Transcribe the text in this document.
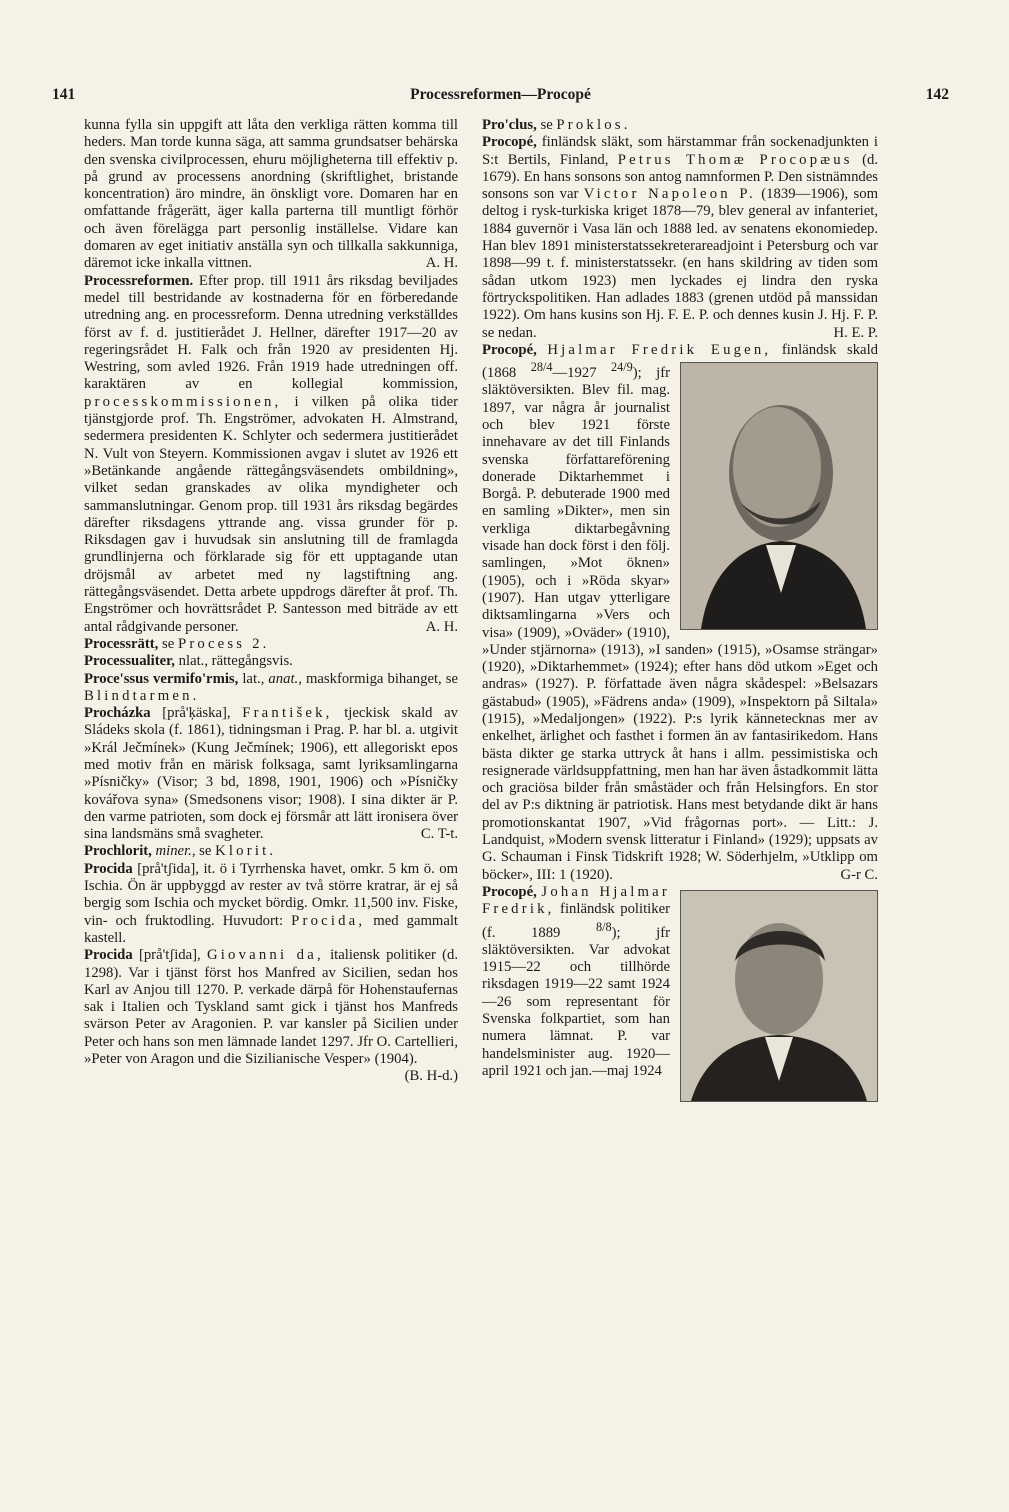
141	Processreformen—Procopé	142

kunna fylla sin uppgift att låta den verkliga rätten komma till heders. Man torde kunna säga, att samma grundsatser behärska den svenska civilprocessen, ehuru möjligheterna till effektiv p. på grund av processens anordning (skriftlighet, bristande koncentration) äro mindre, än önskligt vore. Domaren har en omfattande frågerätt, äger kalla parterna till muntligt förhör och även förelägga part personlig inställelse. Vidare kan domaren av eget initiativ anställa syn och tillkalla sakkunniga, däremot icke inkalla vittnen.	A. H.

Processreformen. Efter prop. till 1911 års riksdag beviljades medel till bestridande av kostnaderna för en förberedande utredning ang. en processreform. Denna utredning verkställdes först av f. d. justitierådet J. Hellner, därefter 1917—20 av regeringsrådet H. Falk och från 1920 av presidenten Hj. Westring, som avled 1926. Från 1919 hade utredningen off. karaktären av en kollegial kommission, processkommissionen, i vilken på olika tider tjänstgjorde prof. Th. Engströmer, advokaten H. Almstrand, sedermera presidenten K. Schlyter och sedermera justitierådet N. Vult von Steyern. Kommissionen avgav i slutet av 1926 ett »Betänkande angående rättegångsväsendets ombildning», vilket sedan granskades av olika myndigheter och sammanslutningar. Genom prop. till 1931 års riksdag begärdes därefter riksdagens yttrande ang. vissa grunder för p. Riksdagen gav i huvudsak sin anslutning till de framlagda grundlinjerna och förklarade sig för ett upptagande utan dröjsmål av arbetet med ny lagstiftning ang. rättegångsväsendet. Detta arbete uppdrogs därefter åt prof. Th. Engströmer och hovrättsrådet P. Santesson med biträde av ett antal rådgivande personer.	A. H.

Processrätt, se Process 2.

Processualiter, nlat., rättegångsvis.

Proce'ssus vermifo'rmis, lat., anat., maskformiga bihanget, se Blindtarmen.

Procházka [prå'ķäska], František, tjeckisk skald av Sládeks skola (f. 1861), tidningsman i Prag. P. har bl. a. utgivit »Král Ječmínek» (Kung Ječmínek; 1906), ett allegoriskt epos med motiv från en märisk folksaga, samt lyriksamlingarna »Písničky» (Visor; 3 bd, 1898, 1901, 1906) och »Písničky kovářova syna» (Smedsonens visor; 1908). I sina dikter är P. den varme patrioten, som dock ej försmår att lätt ironisera över sina landsmäns små svagheter.	C. T-t.

Prochlorit, miner., se Klorit.

Procida [prå'tʃida], it. ö i Tyrrhenska havet, omkr. 5 km ö. om Ischia. Ön är uppbyggd av rester av två större kratrar, är ej så bergig som Ischia och mycket bördig. Omkr. 11,500 inv. Fiske, vin- och fruktodling. Huvudort: Procida, med gammalt kastell.

Procida [prå'tʃida], Giovanni da, italiensk politiker (d. 1298). Var i tjänst först hos Manfred av Sicilien, sedan hos Karl av Anjou till 1270. P. verkade därpå för Hohenstaufernas sak i Italien och Tyskland samt gick i tjänst hos Manfreds svärson Peter av Aragonien. P. var kansler på Sicilien under Peter och hans son men lämnade landet 1297. Jfr O. Cartellieri, »Peter von Aragon und die Sizilianische Vesper» (1904).
(B. H-d.)

Pro'clus, se Proklos.

Procopé, finländsk släkt, som härstammar från sockenadjunkten i S:t Bertils, Finland, Petrus Thomæ Procopæus (d. 1679). En hans sonsons son antog namnformen P. Den sistnämndes sonsons son var Victor Napoleon P. (1839—1906), som deltog i rysk-turkiska kriget 1878—79, blev general av infanteriet, 1884 guvernör i Vasa län och 1888 led. av senatens ekonomiedep. Han blev 1891 ministerstatssekreterareadjoint i Petersburg och var 1898—99 t. f. ministerstatssekr. (en hans skildring av tiden som sådan utkom 1923) men lyckades ej lindra den ryska förtryckspolitiken. Han adlades 1883 (grenen utdöd på manssidan 1922). Om hans kusins son Hj. F. E. P. och dennes kusin J. Hj. F. P. se nedan.	H. E. P.

Procopé, Hjalmar Fredrik Eugen, finländsk skald (1868 $^{28/4}$—1927 $^{24/9}$
); jfr släktöversikten. Blev fil. mag. 1897, var några år journalist och blev 1921 förste innehavare av det till Finlands svenska författareförening donerade Diktarhemmet i Borgå. P. debuterade 1900 med en samling »Dikter», men sin verkliga diktarbegåvning visade han dock först i den följ. samlingen, »Mot öknen» (1905), och i »Röda skyar» (1907). Han utgav ytterligare diktsamlingarna »Vers och visa» (1909), »Oväder» (1910), »Under stjärnorna» (1913), »I sanden» (1915), »Osamse strängar» (1920), »Diktarhemmet» (1924); efter hans död utkom »Eget och andras» (1927). P. författade även några skådespel: »Belsazars gästabud» (1905), »Fädrens anda» (1909), »Inspektorn på Siltala» (1915), »Medaljongen» (1922). P:s lyrik kännetecknas mer av enkelhet, ärlighet och fasthet i formen än av fantasirikedom. Hans bästa dikter ge starka uttryck åt hans i allm. pessimistiska och resignerade världsuppfattning, men han har även åstadkommit lätta och graciösa bilder från småstäder och från Helsingfors. En stor del av P:s diktning är patriotisk. Hans mest betydande dikt är hans promotionskantat 1907, »Vid frågornas port». — Litt.: J. Landquist, »Modern svensk litteratur i Finland» (1929); uppsats av G. Schauman i Finsk Tidskrift 1928; W. Söderhjelm, »Utklipp om böcker», III: 1 (1920).	G-r C.

Procopé, Johan Hjalmar Fredrik, finländsk politiker (f. 1889	$^{8/8}$); jfr släktöversikten. Var advokat 1915—22 och tillhörde riksdagen 1919—22 samt 1924—26 som representant för Svenska folkpartiet, som han numera lämnat. P. var handelsminister aug. 1920—april 1921 och jan.—maj 1924
